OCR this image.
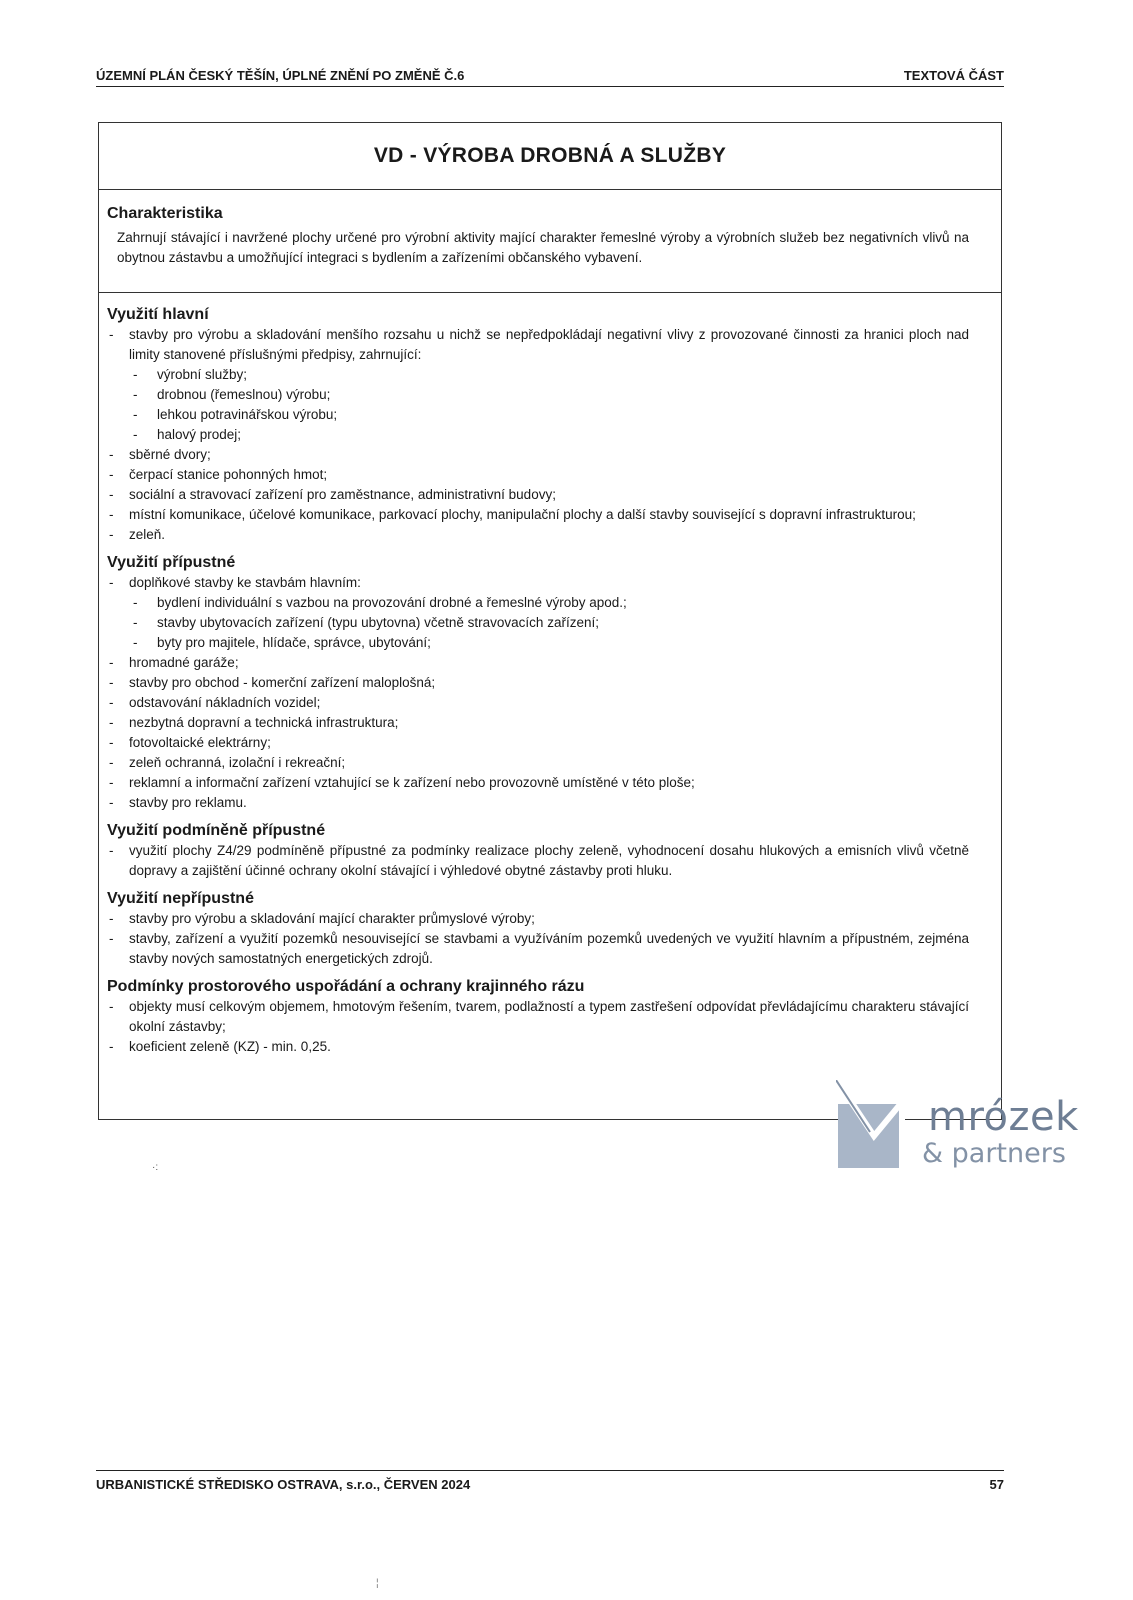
ÚZEMNÍ PLÁN ČESKÝ TĚŠÍN, ÚPLNÉ ZNĚNÍ PO ZMĚNĚ Č.6	TEXTOVÁ ČÁST
VD - VÝROBA DROBNÁ A SLUŽBY
Charakteristika

Zahrnují stávající i navržené plochy určené pro výrobní aktivity mající charakter řemeslné výroby a výrobních služeb bez negativních vlivů na obytnou zástavbu a umožňující integraci s bydlením a zařízeními občanského vybavení.

Využití hlavní
- stavby pro výrobu a skladování menšího rozsahu u nichž se nepředpokládají negativní vlivy z provozované činnosti za hranici ploch nad limity stanovené příslušnými předpisy, zahrnující:
- výrobní služby;
- drobnou (řemeslnou) výrobu;
- lehkou potravinářskou výrobu;
- halový prodej;
- sběrné dvory;
- čerpací stanice pohonných hmot;
- sociální a stravovací zařízení pro zaměstnance, administrativní budovy;
- místní komunikace, účelové komunikace, parkovací plochy, manipulační plochy a další stavby související s dopravní infrastrukturou;
- zeleň.
Využití přípustné
- doplňkové stavby ke stavbám hlavním:
- bydlení individuální s vazbou na provozování drobné a řemeslné výroby apod.;
- stavby ubytovacích zařízení (typu ubytovna) včetně stravovacích zařízení;
- byty pro majitele, hlídače, správce, ubytování;
- hromadné garáže;
- stavby pro obchod - komerční zařízení maloplošná;
- odstavování nákladních vozidel;
- nezbytná dopravní a technická infrastruktura;
- fotovoltaické elektrárny;
- zeleň ochranná, izolační i rekreační;
- reklamní a informační zařízení vztahující se k zařízení nebo provozovně umístěné v této ploše;
- stavby pro reklamu.
Využití podmíněně přípustné
- využití plochy Z4/29 podmíněně přípustné za podmínky realizace plochy zeleně, vyhodnocení dosahu hlukových a emisních vlivů včetně dopravy a zajištění účinné ochrany okolní stávající i výhledové obytné zástavby proti hluku.
Využití nepřípustné
- stavby pro výrobu a skladování mající charakter průmyslové výroby;
- stavby, zařízení a využití pozemků nesouvisející se stavbami a využíváním pozemků uvedených ve využití hlavním a přípustném, zejména stavby nových samostatných energetických zdrojů.
Podmínky prostorového uspořádání a ochrany krajinného rázu
- objekty musí celkovým objemem, hmotovým řešením, tvarem, podlažností a typem zastřešení odpovídat převládajícímu charakteru stávající okolní zástavby;
- koeficient zeleně (KZ) - min. 0,25.
mrózek
& partners
·:
¦
URBANISTICKÉ STŘEDISKO OSTRAVA, s.r.o., ČERVEN 2024	57
